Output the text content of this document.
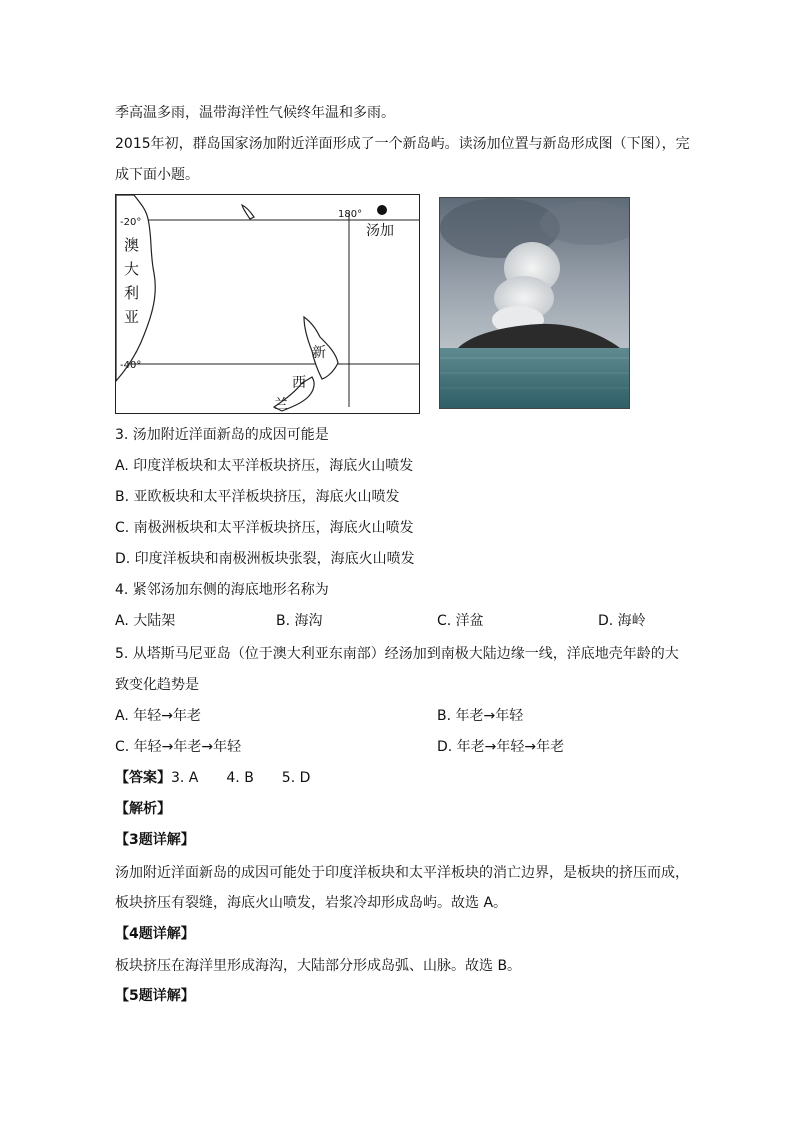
季高温多雨，温带海洋性气候终年温和多雨。
2015年初，群岛国家汤加附近洋面形成了一个新岛屿。读汤加位置与新岛形成图（下图），完
成下面小题。
-20°
-40°
180°
汤加
澳
大
利
亚
新
西
兰
3. 汤加附近洋面新岛的成因可能是
A. 印度洋板块和太平洋板块挤压，海底火山喷发
B. 亚欧板块和太平洋板块挤压，海底火山喷发
C. 南极洲板块和太平洋板块挤压，海底火山喷发
D. 印度洋板块和南极洲板块张裂，海底火山喷发
4. 紧邻汤加东侧的海底地形名称为
A. 大陆架	B. 海沟	C. 洋盆	D. 海岭
5. 从塔斯马尼亚岛（位于澳大利亚东南部）经汤加到南极大陆边缘一线，洋底地壳年龄的大
致变化趋势是
A. 年轻→年老	B. 年老→年轻
C. 年轻→年老→年轻	D. 年老→年轻→年老
【答案】3. A　　4. B　　5. D
【解析】
【3题详解】
汤加附近洋面新岛的成因可能处于印度洋板块和太平洋板块的消亡边界，是板块的挤压而成，
板块挤压有裂缝，海底火山喷发，岩浆冷却形成岛屿。故选 A。
【4题详解】
板块挤压在海洋里形成海沟，大陆部分形成岛弧、山脉。故选 B。
【5题详解】
